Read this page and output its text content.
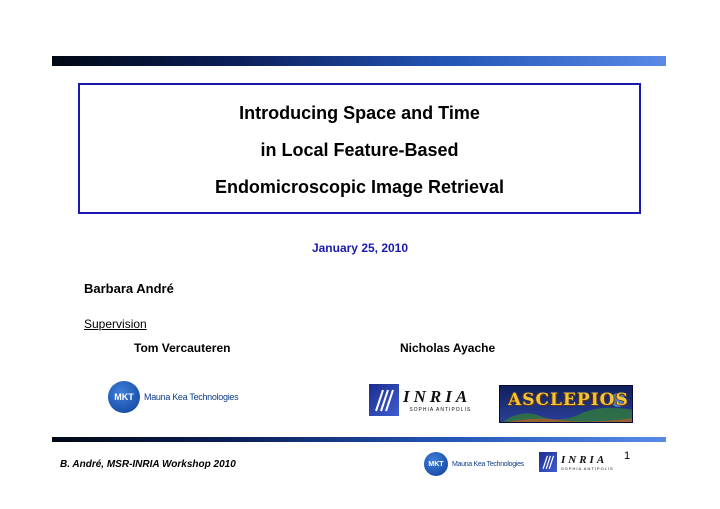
Introducing Space and Time
in Local Feature-Based
Endomicroscopic Image Retrieval
January 25, 2010
Barbara André
Supervision
Tom Vercauteren	Nicholas Ayache
MKT	Mauna Kea Technologies	INRIA
SOPHIA ANTIPOLIS ASCLEPIOS
1
B. André, MSR-INRIA Workshop 2010	MKT	Mauna Kea Technologies	INRIA
SOPHIA ANTIPOLIS
